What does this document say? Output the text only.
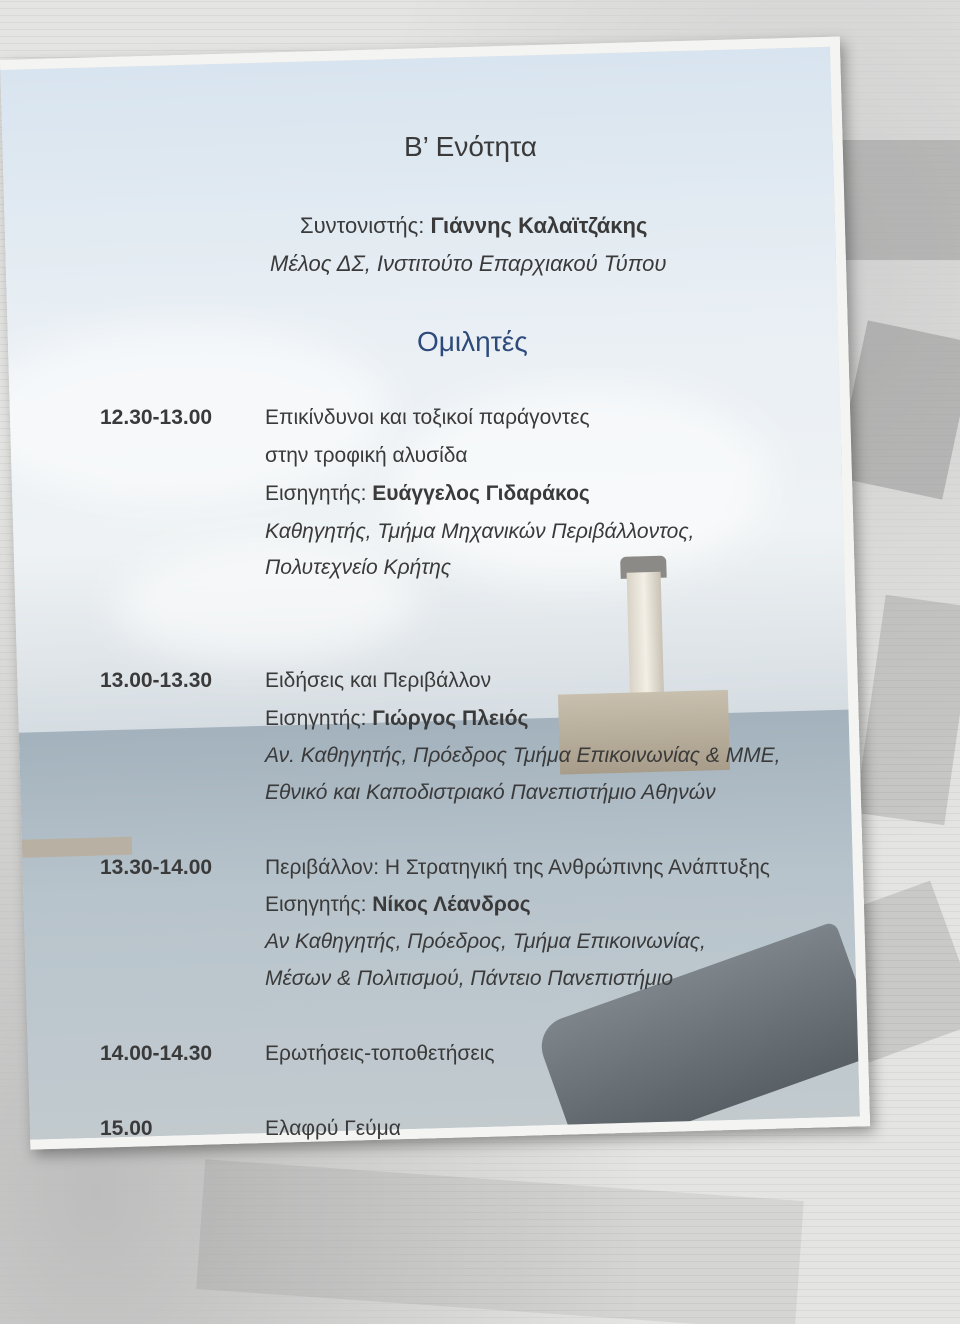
Β’ Ενότητα
Συντονιστής: Γιάννης Καλαϊτζάκης
Μέλος ΔΣ, Ινστιτούτο Επαρχιακού Τύπου
Ομιλητές
12.30-13.00	Επικίνδυνοι και τοξικοί παράγοντες
στην τροφική αλυσίδα
Εισηγητής: Ευάγγελος Γιδαράκος
Καθηγητής, Τμήμα Μηχανικών Περιβάλλοντος,
Πολυτεχνείο Κρήτης
13.00-13.30	Ειδήσεις και Περιβάλλον
Εισηγητής: Γιώργος Πλειός
Αν. Καθηγητής, Πρόεδρος Τμήμα Επικοινωνίας & ΜΜΕ,
Εθνικό και Καποδιστριακό Πανεπιστήμιο Αθηνών
13.30-14.00	Περιβάλλον: Η Στρατηγική της Ανθρώπινης Ανάπτυξης
Εισηγητής: Νίκος Λέανδρος
Αν Καθηγητής, Πρόεδρος, Τμήμα Επικοινωνίας,
Μέσων & Πολιτισμού, Πάντειο Πανεπιστήμιο
14.00-14.30	Ερωτήσεις-τοποθετήσεις
15.00	Ελαφρύ Γεύμα
